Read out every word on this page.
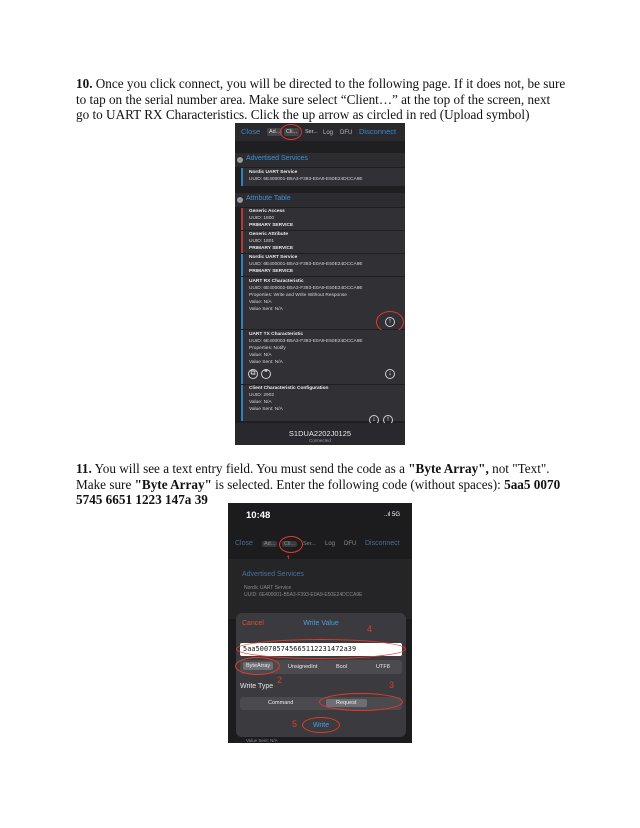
10. Once you click connect, you will be directed to the following page. If it does not, be sure to tap on the serial number area. Make sure select “Client…” at the top of the screen, next go to UART RX Characteristics. Click the up arrow as circled in red (Upload symbol)

Close	Ad...	Cli...	Ser... Log DFU Disconnect
Advertised Services
Nordic UART Service
UUID: 6E400001-B5A3-F393-E0A9-E50E24DCCA9E
Attribute Table
Generic Access
UUID: 1800
PRIMARY SERVICE
Generic Attribute
UUID: 1801
PRIMARY SERVICE
Nordic UART Service
UUID: 6E400001-B5A3-F393-E0A9-E50E24DCCA9E
PRIMARY SERVICE
UART RX Characteristic
UUID: 6E400002-B5A3-F393-E0A9-E50E24DCCA9E
Properties: Write and Write Without Response
Value: N/A
Value Sent: N/A
↑
UART TX Characteristic
UUID: 6E400003-B5A3-F393-E0A9-E50E24DCCA9E
Properties: Notify
Value: N/A
Value Sent: N/A
⧉	❞	↓
Client Characteristic Configuration
UUID: 2902
Value: N/A
Value Sent: N/A
↓	↑
S1DUA2202J0125
Connected

11. You will see a text entry field. You must send the code as a "Byte Array", not "Text". Make sure "Byte Array" is selected. Enter the following code (without spaces): 5aa5 0070 5745 6651 1223 147a 39

10:48	..ıl 5G
Close	Ad...	Cli...	Ser...	Log DFU Disconnect
Advertised Services
Nordic UART Service
UUID: 6E400001-B5A3-F393-E0A9-E50E24DCCA9E
Cancel	Write Value
5aa500705745665112231472a39
ByteArray	UnsignedInt	Bool	UTF8
Write Type
Command	Request
Write
4
2	3
5
Value Sent: N/A
